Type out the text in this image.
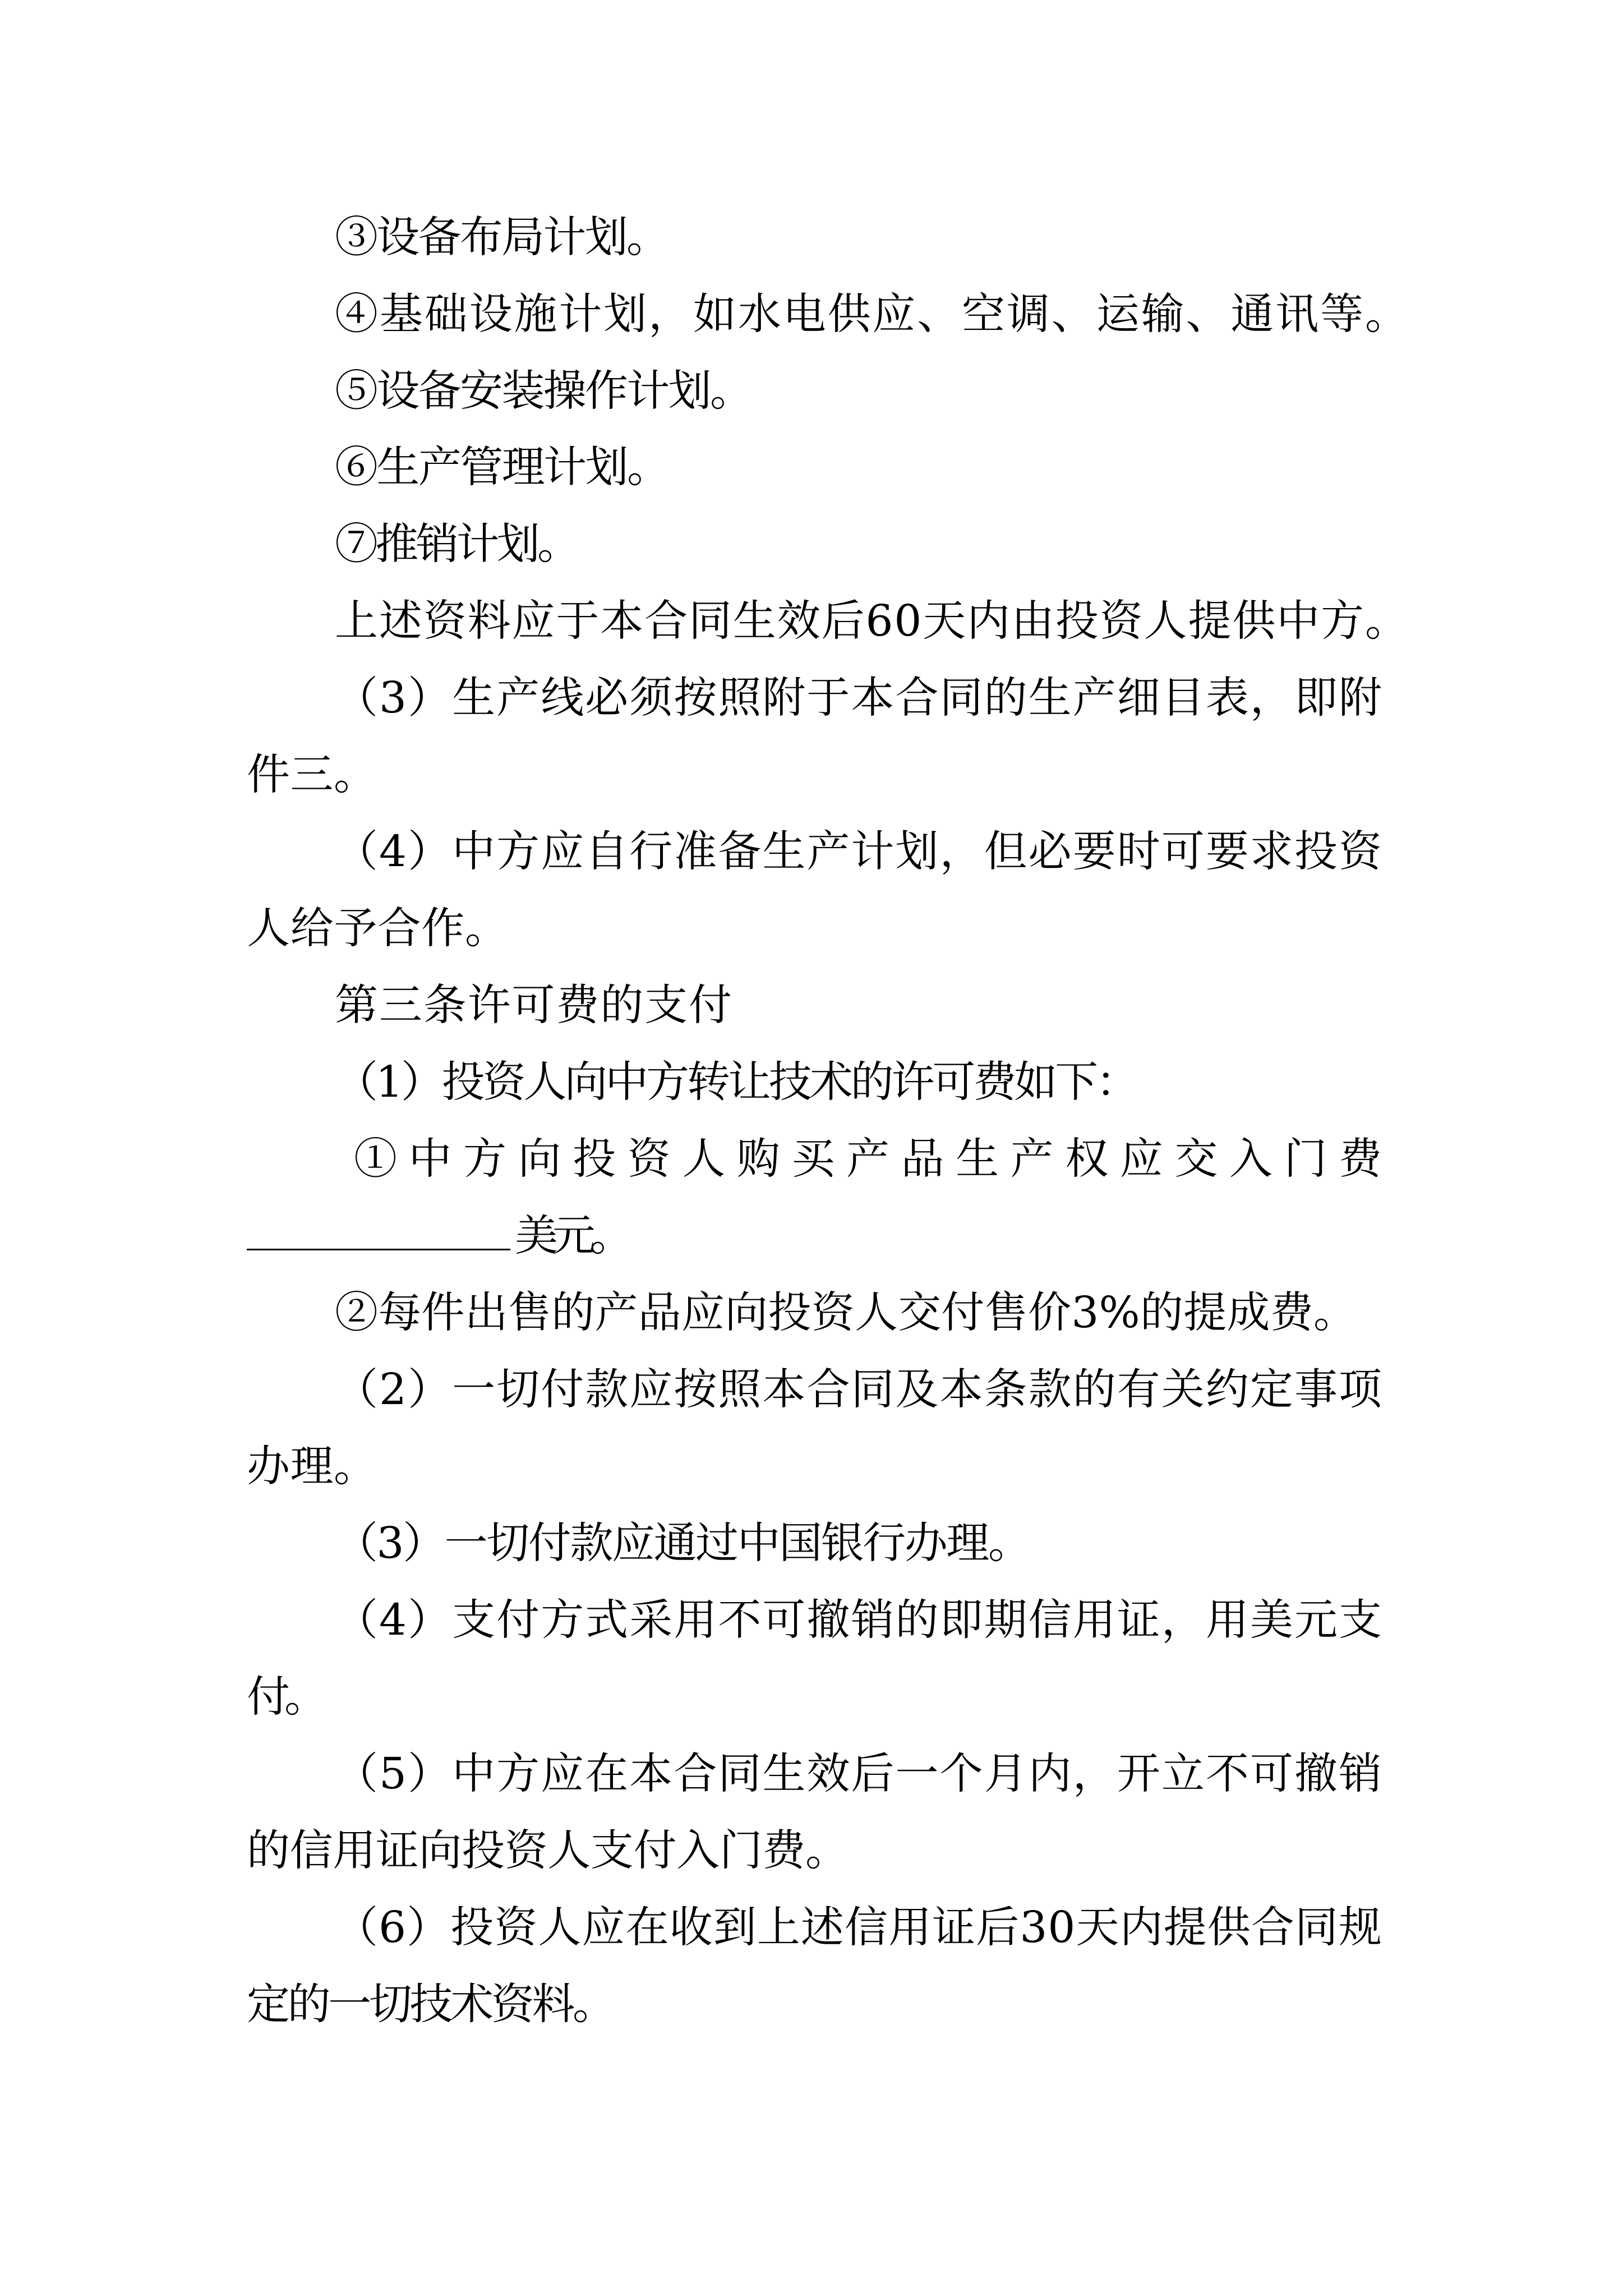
③设备布局计划。

④基础设施计划，如水电供应、空调、运输、通讯等。

⑤设备安装操作计划。

⑥生产管理计划。

⑦推销计划。

上述资料应于本合同生效后60天内由投资人提供中方。

（3）生产线必须按照附于本合同的生产细目表，即附

件三。

（4）中方应自行准备生产计划，但必要时可要求投资

人给予合作。

第三条许可费的支付

（1）投资人向中方转让技术的许可费如下：

①中方向投资人购买产品生产权应交入门费

美元。

②每件出售的产品应向投资人交付售价3%的提成费。

（2）一切付款应按照本合同及本条款的有关约定事项

办理。

（3）一切付款应通过中国银行办理。

（4）支付方式采用不可撤销的即期信用证，用美元支

付。

（5）中方应在本合同生效后一个月内，开立不可撤销

的信用证向投资人支付入门费。

（6）投资人应在收到上述信用证后30天内提供合同规

定的一切技术资料。
